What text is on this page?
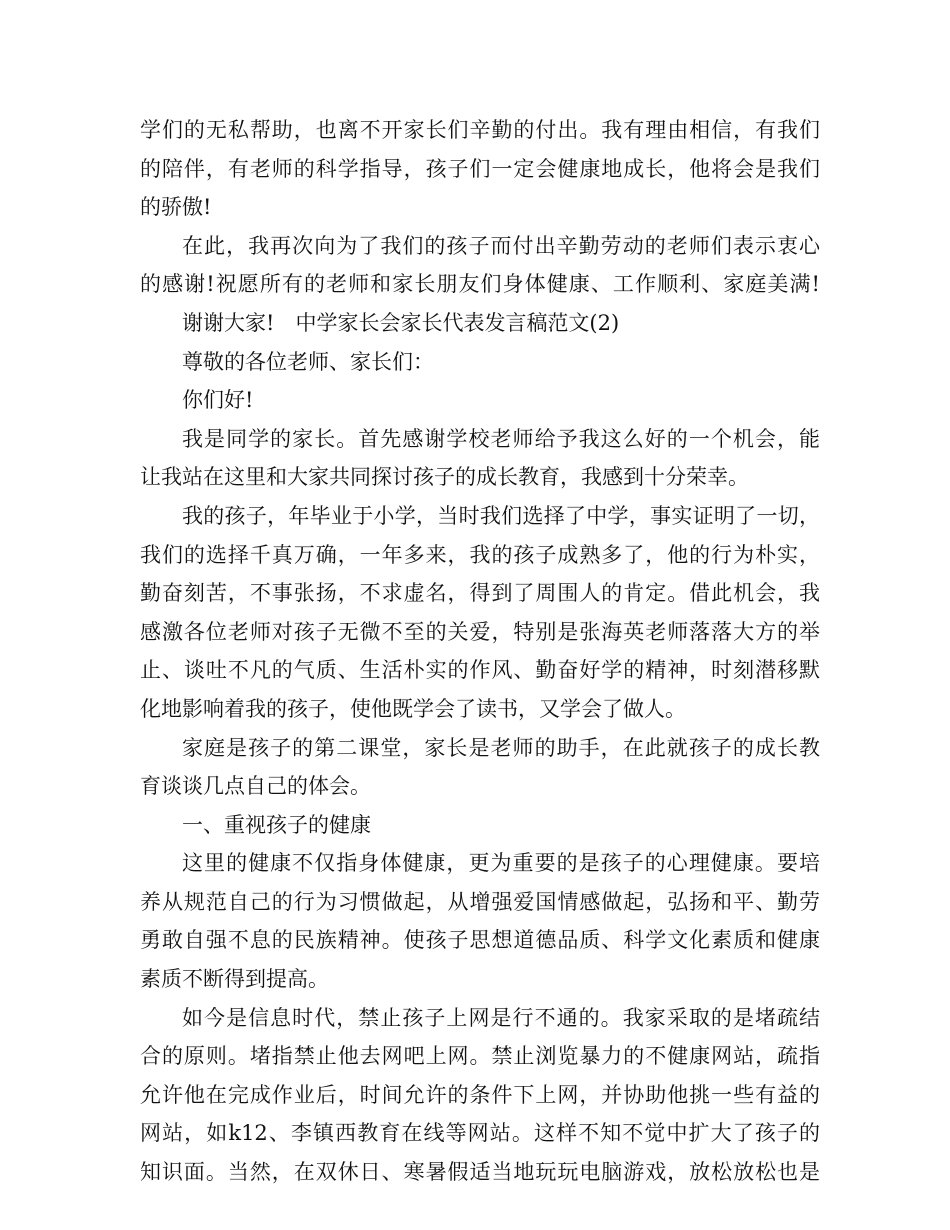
学们的无私帮助，也离不开家长们辛勤的付出。我有理由相信，有我们
的陪伴，有老师的科学指导，孩子们一定会健康地成长，他将会是我们
的骄傲!
在此，我再次向为了我们的孩子而付出辛勤劳动的老师们表示衷心
的感谢!祝愿所有的老师和家长朋友们身体健康、工作顺利、家庭美满!
谢谢大家!　中学家长会家长代表发言稿范文(2)
尊敬的各位老师、家长们：
你们好!
我是同学的家长。首先感谢学校老师给予我这么好的一个机会，能
让我站在这里和大家共同探讨孩子的成长教育，我感到十分荣幸。
我的孩子，年毕业于小学，当时我们选择了中学，事实证明了一切，
我们的选择千真万确，一年多来，我的孩子成熟多了，他的行为朴实，
勤奋刻苦，不事张扬，不求虚名，得到了周围人的肯定。借此机会，我
感激各位老师对孩子无微不至的关爱，特别是张海英老师落落大方的举
止、谈吐不凡的气质、生活朴实的作风、勤奋好学的精神，时刻潜移默
化地影响着我的孩子，使他既学会了读书，又学会了做人。
家庭是孩子的第二课堂，家长是老师的助手，在此就孩子的成长教
育谈谈几点自己的体会。
一、重视孩子的健康
这里的健康不仅指身体健康，更为重要的是孩子的心理健康。要培
养从规范自己的行为习惯做起，从增强爱国情感做起，弘扬和平、勤劳
勇敢自强不息的民族精神。使孩子思想道德品质、科学文化素质和健康
素质不断得到提高。
如今是信息时代，禁止孩子上网是行不通的。我家采取的是堵疏结
合的原则。堵指禁止他去网吧上网。禁止浏览暴力的不健康网站，疏指
允许他在完成作业后，时间允许的条件下上网，并协助他挑一些有益的
网站，如k12、李镇西教育在线等网站。这样不知不觉中扩大了孩子的
知识面。当然，在双休日、寒暑假适当地玩玩电脑游戏，放松放松也是
